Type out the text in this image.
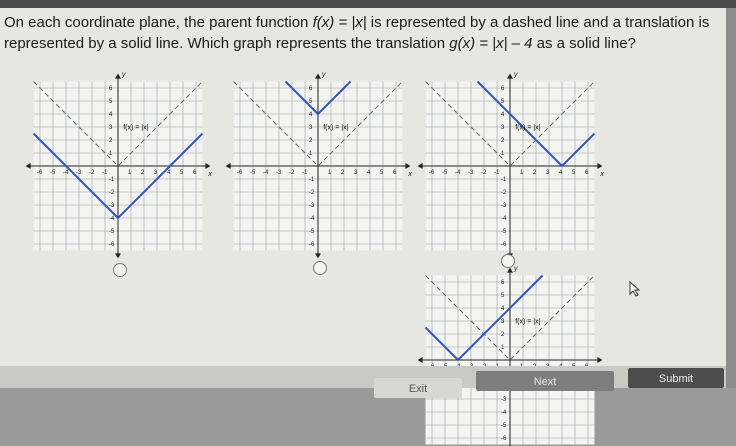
On each coordinate plane, the parent function f(x) = |x| is represented by a dashed line and a translation is represented by a solid line. Which graph represents the translation g(x) = |x| – 4 as a solid line?
x
y
-6
-6
-5
-5
-4
-4
-3
-3
-2
-2
-1
-1
1
1
2
2
3
3
4
4
5
5
6
6
f(x) = |x|
x
y
-6
-6
-5
-5
-4
-4
-3
-3
-2
-2
-1
-1
1
1
2
2
3
3
4
4
5
5
6
6
f(x) = |x|
x
y
-6
-6
-5
-5
-4
-4
-3
-3
-2
-2
-1
-1
1
1
2
2
3
3
4
4
5
5
6
6
f(x) = |x|
y
-6
-5
-4
-3
1
2
3
4
5
6
f(x) = |x|
Exit
Next	Submit
